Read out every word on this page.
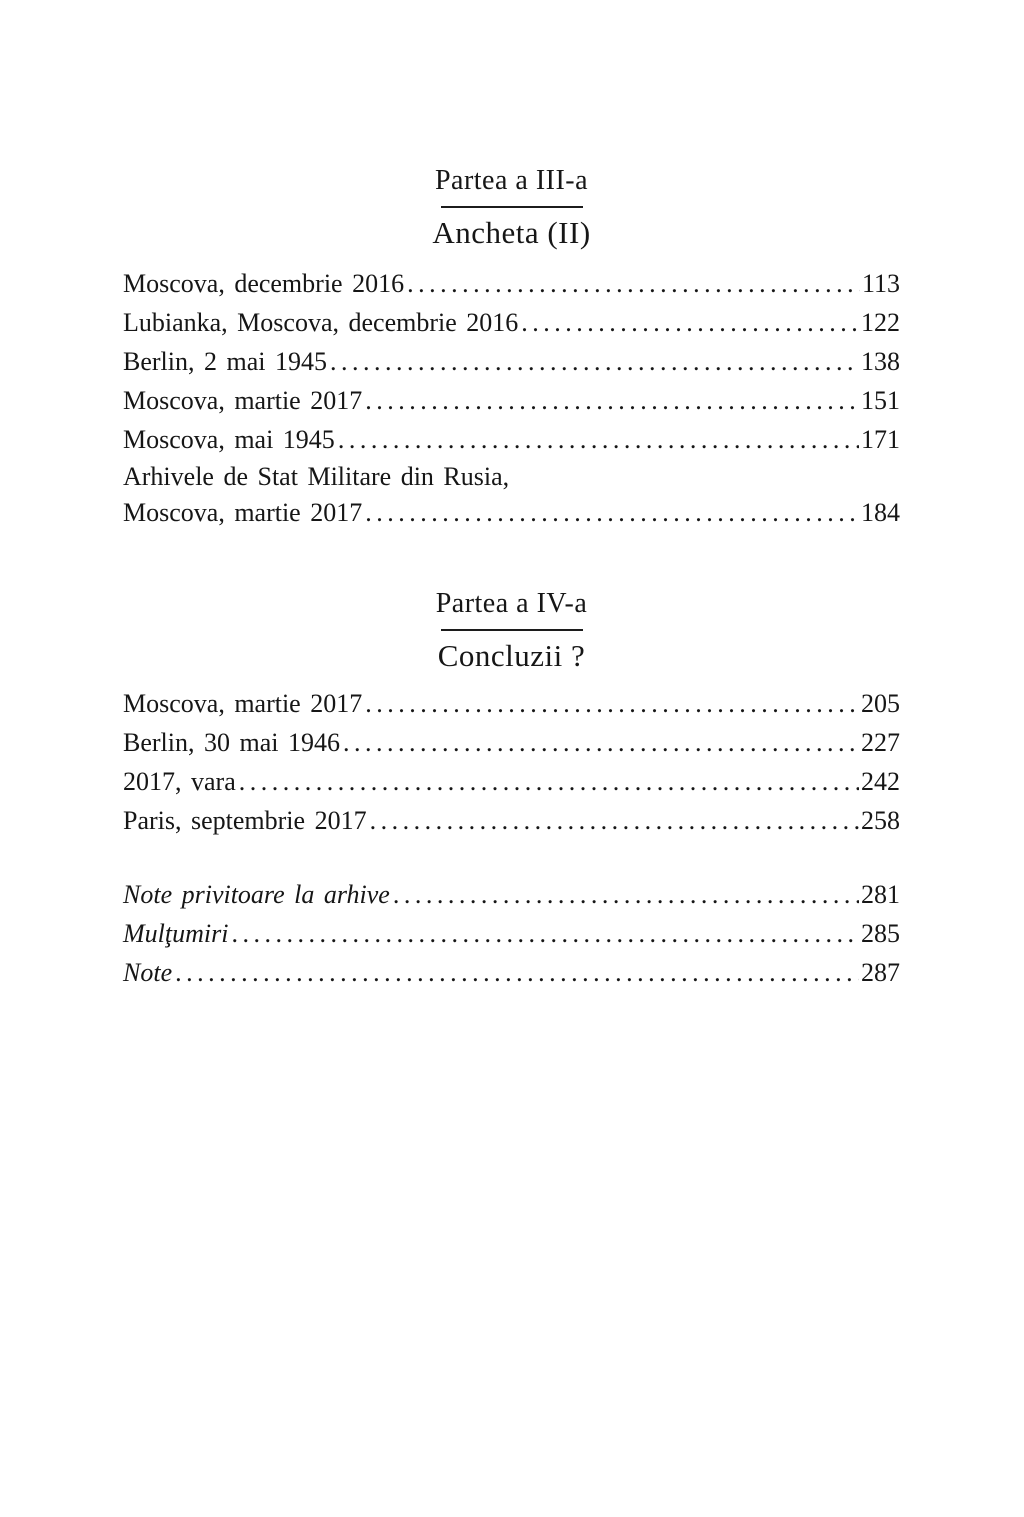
Partea a III-a
Ancheta (II)
Moscova, decembrie 2016 .....	113
Lubianka, Moscova, decembrie 2016 .....	122
Berlin, 2 mai 1945 .....	138
Moscova, martie 2017 .....	151
Moscova, mai 1945 .....	171
Arhivele de Stat Militare din Rusia,
Moscova, martie 2017 .....	184
Partea a IV-a
Concluzii ?
Moscova, martie 2017 .....	205
Berlin, 30 mai 1946 .....	227
2017, vara .....	242
Paris, septembrie 2017 .....	258
Note privitoare la arhive .....	281
Mulţumiri .....	285
Note .....	287
